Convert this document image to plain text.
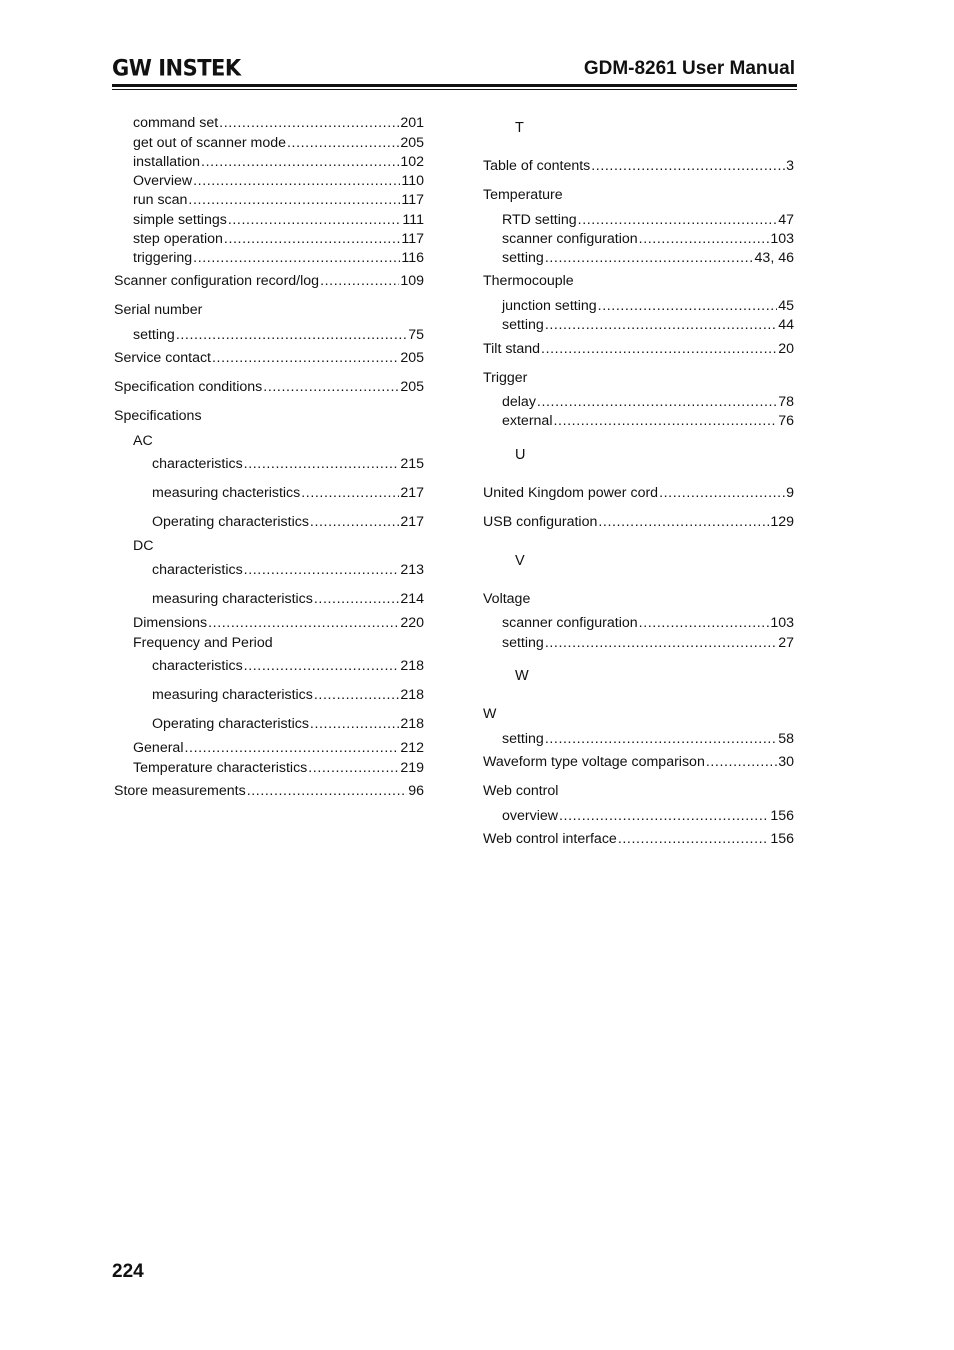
GW INSTEK	GDM-8261 User Manual
command set .....	201
get out of scanner mode .....	205
installation .....	102
Overview .....	110
run scan .....	117
simple settings .....	111
step operation .....	117
triggering .....	116
Scanner configuration record/log .....	109
Serial number
setting .....	75
Service contact .....	205
Specification conditions .....	205
Specifications
AC
characteristics .....	215
measuring chacteristics .....	217
Operating characteristics .....	217
DC
characteristics .....	213
measuring characteristics .....	214
Dimensions .....	220
Frequency and Period
characteristics .....	218
measuring characteristics .....	218
Operating characteristics .....	218
General .....	212
Temperature characteristics .....	219
Store measurements .....	96
T
Table of contents .....	3
Temperature
RTD setting .....	47
scanner configuration .....	103
setting .....	43, 46
Thermocouple
junction setting .....	45
setting .....	44
Tilt stand .....	20
Trigger
delay .....	78
external .....	76
U
United Kingdom power cord .....	9
USB configuration .....	129
V
Voltage
scanner configuration .....	103
setting .....	27
W
W
setting .....	58
Waveform type voltage comparison .....	30
Web control
overview .....	156
Web control interface .....	156
224
